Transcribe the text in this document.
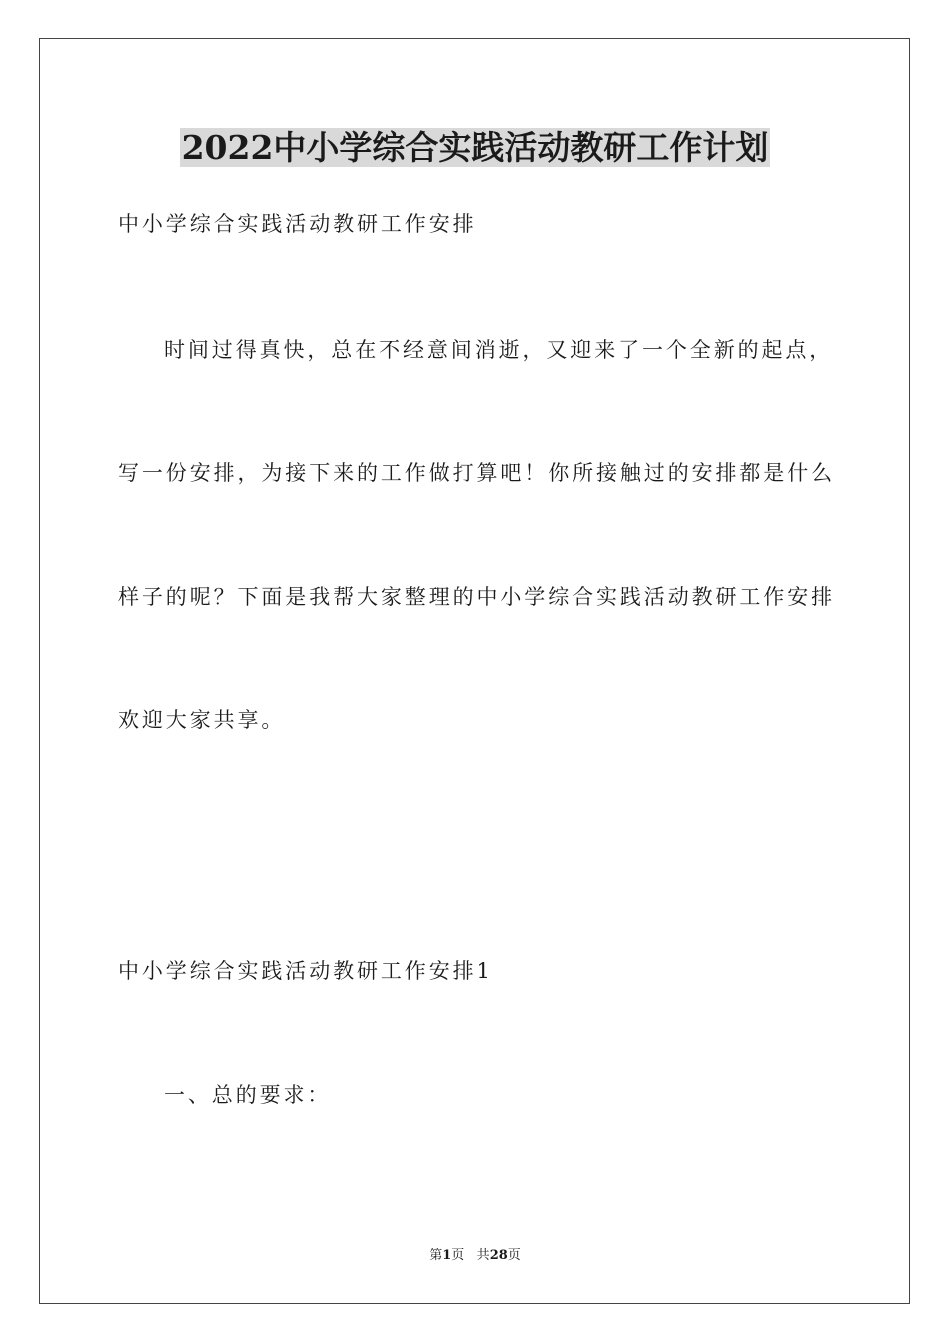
2022中小学综合实践活动教研工作计划

中小学综合实践活动教研工作安排

时间过得真快，总在不经意间消逝，又迎来了一个全新的起点，

写一份安排，为接下来的工作做打算吧！你所接触过的安排都是什么

样子的呢？下面是我帮大家整理的中小学综合实践活动教研工作安排

欢迎大家共享。

中小学综合实践活动教研工作安排1

一、总的要求：

第1页 共28页
